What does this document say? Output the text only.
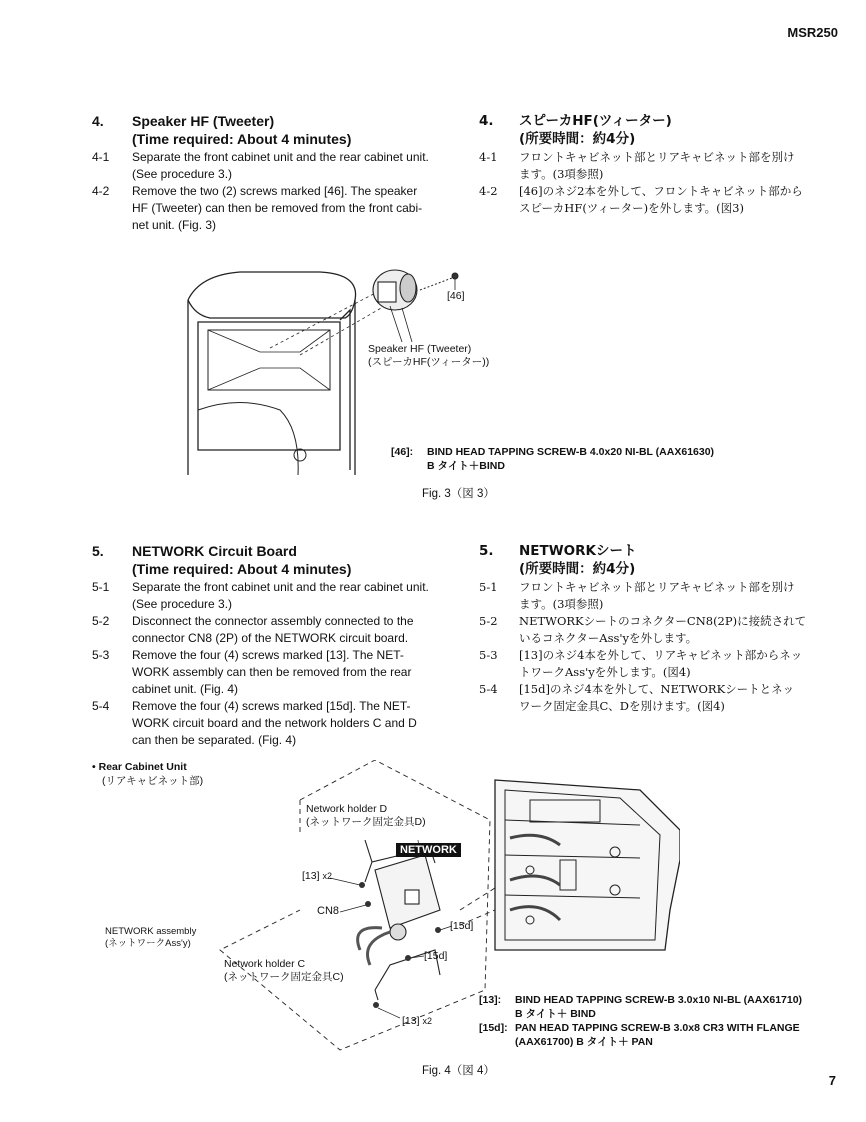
MSR250
7
4. Speaker HF (Tweeter)
(Time required: About 4 minutes)
4-1 Separate the front cabinet unit and the rear cabinet unit.
(See procedure 3.)
4-2 Remove the two (2) screws marked [46]. The speaker
HF (Tweeter) can then be removed from the front cabi-
net unit. (Fig. 3)
4. スピーカHF(ツィーター)
(所要時間：約4分)
4-1 フロントキャビネット部とリアキャビネット部を別け
ます。(3項参照)
4-2 [46]のネジ2本を外して、フロントキャビネット部から
スピーカHF(ツィーター)を外します。(図3)
[46]
Speaker HF (Tweeter)
(スピーカHF(ツィーター))
[46]: BIND HEAD TAPPING SCREW-B 4.0x20 NI-BL (AAX61630)
B タイト＋BIND
Fig. 3（図 3）
5. NETWORK Circuit Board
(Time required: About 4 minutes)
5-1 Separate the front cabinet unit and the rear cabinet unit.
(See procedure 3.)
5-2 Disconnect the connector assembly connected to the
connector CN8 (2P) of the NETWORK circuit board.
5-3 Remove the four (4) screws marked [13]. The NET-
WORK assembly can then be removed from the rear
cabinet unit. (Fig. 4)
5-4 Remove the four (4) screws marked [15d]. The NET-
WORK circuit board and the network holders C and D
can then be separated. (Fig. 4)
5. NETWORKシート
(所要時間：約4分)
5-1 フロントキャビネット部とリアキャビネット部を別け
ます。(3項参照)
5-2 NETWORKシートのコネクターCN8(2P)に接続されて
いるコネクターAss'yを外します。
5-3 [13]のネジ4本を外して、リアキャビネット部からネッ
トワークAss'yを外します。(図4)
5-4 [15d]のネジ4本を外して、NETWORKシートとネッ
ワーク固定金具C、Dを別けます。(図4)
• Rear Cabinet Unit
(リアキャビネット部)
Network holder D
(ネットワーク固定金具D)
NETWORK
[13] x2
CN8
[15d]
[15d]
NETWORK assembly
(ネットワークAss'y)
Network holder C
(ネットワーク固定金具C)
[13] x2
[13]: BIND HEAD TAPPING SCREW-B 3.0x10 NI-BL (AAX61710)
B タイト＋ BIND
[15d]: PAN HEAD TAPPING SCREW-B 3.0x8 CR3 WITH FLANGE
(AAX61700) B タイト＋ PAN
Fig. 4（図 4）
